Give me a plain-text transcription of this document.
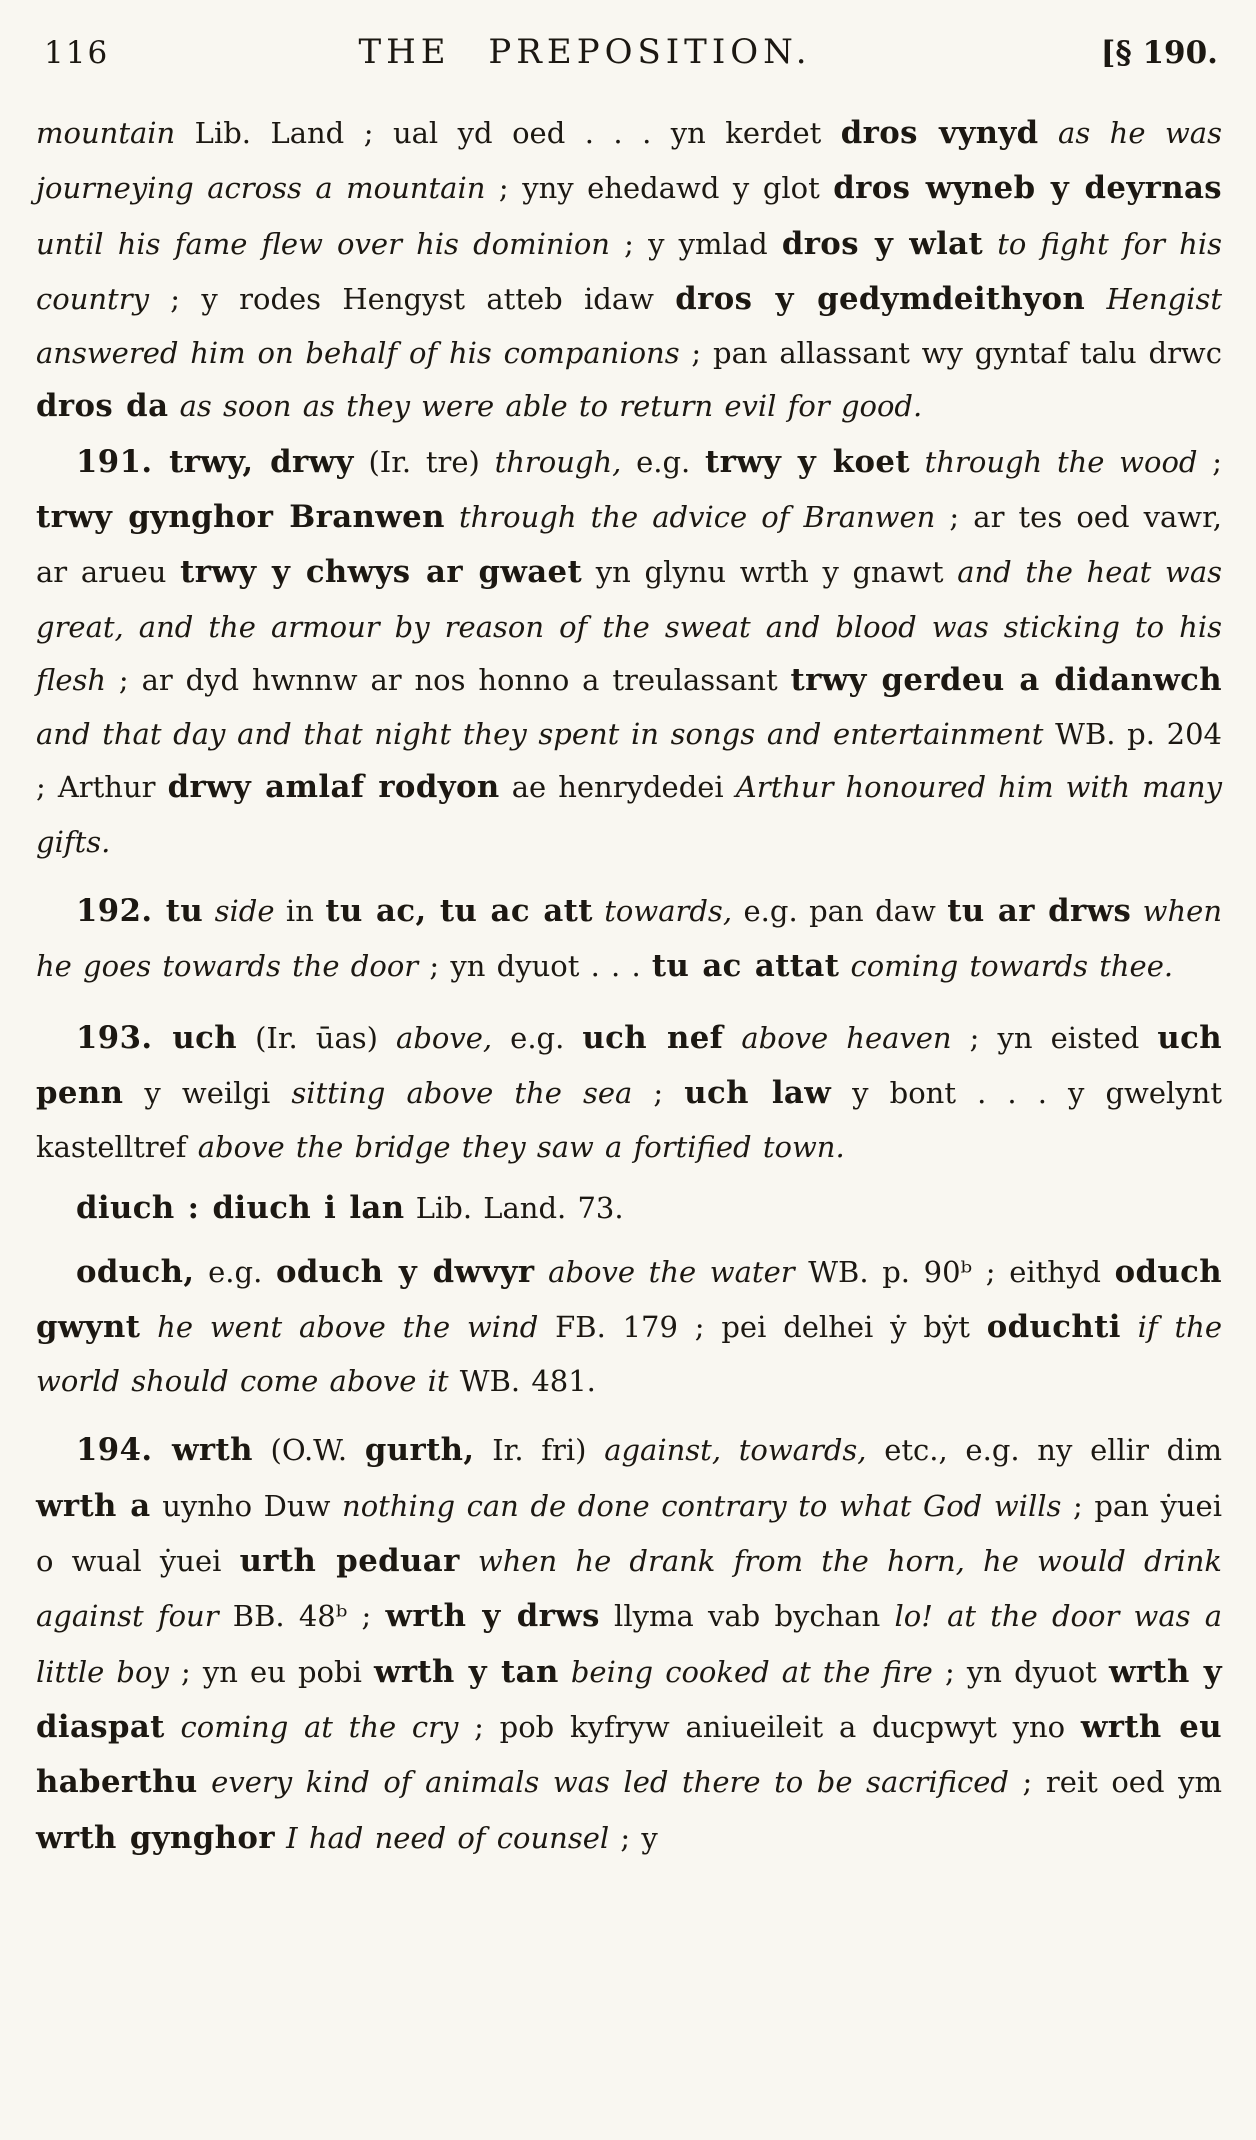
116	THE PREPOSITION.	[§ 190.

mountain Lib. Land ; ual yd oed . . . yn kerdet dros vynyd as he was journeying across a mountain ; yny ehedawd y glot dros wyneb y deyrnas until his fame flew over his dominion ; y ymlad dros y wlat to fight for his country ; y rodes Hengyst atteb idaw dros y gedymdeithyon Hengist answered him on behalf of his companions ; pan allassant wy gyntaf talu drwc dros da as soon as they were able to return evil for good.

191. trwy, drwy (Ir. tre) through, e.g. trwy y koet through the wood ; trwy gynghor Branwen through the advice of Branwen ; ar tes oed vawr, ar arueu trwy y chwys ar gwaet yn glynu wrth y gnawt and the heat was great, and the armour by reason of the sweat and blood was sticking to his flesh ; ar dyd hwnnw ar nos honno a treulassant trwy gerdeu a didanwch and that day and that night they spent in songs and entertainment WB. p. 204 ; Arthur drwy amlaf rodyon ae henrydedei Arthur honoured him with many gifts.

192. tu side in tu ac, tu ac att towards, e.g. pan daw tu ar drws when he goes towards the door ; yn dyuot . . . tu ac attat coming towards thee.

193. uch (Ir. ūas) above, e.g. uch nef above heaven ; yn eisted uch penn y weilgi sitting above the sea ; uch law y bont . . . y gwelynt kastelltref above the bridge they saw a fortified town.

diuch : diuch i lan Lib. Land. 73.

oduch, e.g. oduch y dwvyr above the water WB. p. 90ᵇ ; eithyd oduch gwynt he went above the wind FB. 179 ; pei delhei ẏ bẏt oduchti if the world should come above it WB. 481.

194. wrth (O.W. gurth, Ir. fri) against, towards, etc., e.g. ny ellir dim wrth a uynho Duw nothing can de done contrary to what God wills ; pan ẏuei o wual ẏuei urth peduar when he drank from the horn, he would drink against four BB. 48ᵇ ; wrth y drws llyma vab bychan lo! at the door was a little boy ; yn eu pobi wrth y tan being cooked at the fire ; yn dyuot wrth y diaspat coming at the cry ; pob kyfryw aniueileit a ducpwyt yno wrth eu haberthu every kind of animals was led there to be sacrificed ; reit oed ym wrth gynghor I had need of counsel ; y
